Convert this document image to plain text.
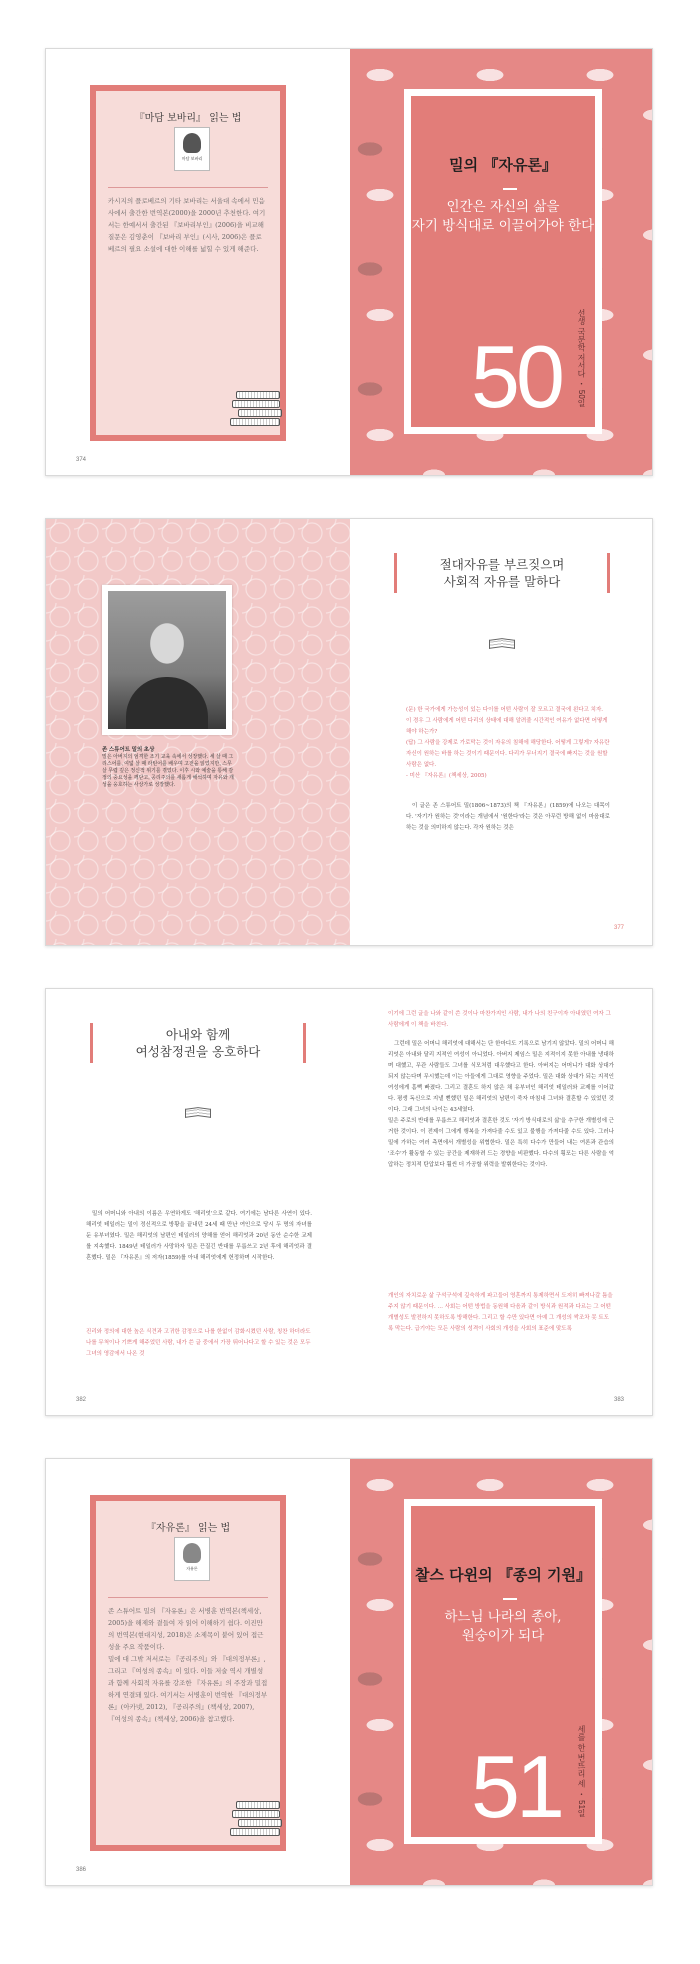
『마담 보바리』 읽는 법
마담 보바리
카시지의 플로베르의 기타 보바리는 서울대 속에서 민음사에서 출간한 번역본(2000)을 2000년 추천한다. 여기서는 한예서서 출간된 『보바리부인』(2006)을 비교해 질문은 김영춘이 『보바리 부인』(시사, 2006)은 플로베르의 필요 소설에 대한 이해를 넓힐 수 있게 해준다.
374
밀의 『자유론』
인간은 자신의 삶을
자기 방식대로 이끌어가야 한다
50 선생 국문학 저서다 ・ 50일
존 스튜어트 밀의 초상
밀은 아버지의 엄격한 조기 교육 속에서 성장했다. 세 살 때 그리스어를, 여덟 살 때 라틴어를 배우며 고전을 읽었지만, 스무 살 무렵 깊은 정신적 위기를 겪었다. 이후 시와 예술을 통해 감정의 중요성을 깨닫고, 공리주의를 새롭게 해석하며 자유와 개성을 옹호하는 사상가로 성장했다.
절대자유를 부르짖으며
사회적 자유를 말하다
(문) 한 국가에게 가능성이 있는 다이를 어떤 사람이 잘 모르고 결국에 왼다고 치자. 이 경우 그 사람에게 어떤 다리의 상태에 대해 알려줄 시간적인 여유가 없다면 어떻게 해야 하는가?
(답) 그 사람을 강제로 가로막는 것이 자유의 침해에 해당한다. 어떻게 그렇게? 자유란 자신이 원하는 바를 하는 것이기 때문이다. 다리가 무너지기 결국에 빠지는 것을 원할 사람은 없다.
- 미산 『자유론』(책세상, 2005)
이 글은 존 스튜어트 밀(1806~1873)의 책 『자유론』(1859)에 나오는 대목이다. '자기가 원하는 것'이라는 개념에서 '원한다'라는 것은 아무런 방해 없이 마음대로 하는 것을 의미하지 않는다. 각자 원하는 것은
377
아내와 함께
여성참정권을 옹호하다
밀의 어머니와 아내의 이름은 우연하게도 '해리엇'으로 같다. 여기에는 남다른 사연이 있다. 해리엇 테일러는 밀이 정신적으로 방황을 끝내던 24세 때 만난 여인으로 당시 두 명의 자녀를 둔 유부녀였다. 밀은 해리엇의 남편인 테일러의 양해를 얻어 해리엇과 20년 동안 순수한 교제를 지속했다. 1849년 테일러가 사망하자 밀은 끈질긴 반대를 무릅쓰고 2년 후에 해리엇과 결혼했다. 밀은 『자유론』의 저자(1859)를 아내 해리엇에게 헌정하며 시작한다.
진리와 정의에 대한 높은 식견과 고귀한 감정으로 나를 한없이 감화시켰던 사람, 칭찬 하더라도 나를 무척이나 기쁘게 해주었던 사람, 내가 쓴 글 중에서 가장 뛰어나다고 할 수 있는 것은 모두 그녀의 영감에서 나온 것
382
이기에 그런 글을 나와 같이 쓴 것이나 마찬가지인 사람, 내가 나의 친구이자 아내였던 여자 그 사람에게 이 책을 바친다.
그런데 밀은 어머니 해리엇에 대해서는 단 한마디도 기록으로 남기지 않았다. 밀의 어머니 해리엇은 아내와 달리 지적인 여성이 아니었다. 아버지 제임스 밀은 지적이지 못한 아내를 냉대하며 대했고, 무관 사람들도 그녀를 식모처럼 대우했다고 한다. 아버지는 어머니가 대화 상대가 되지 않는다며 무시했는데 이는 아들에게 그대로 영향을 주었다. 밀은 대화 상대가 되는 지적인 여성에게 흠뻑 빠졌다. 그리고 결혼도 하지 않은 채 유부녀인 해리엇 테일러와 교제를 이어갔다. 평생 독신으로 지낼 뻔했던 밀은 해리엇의 남편이 죽자 마침내 그녀와 결혼할 수 있었던 것이다. 그래 그녀의 나이는 43세였다.
밀은 주로의 반대를 무릅쓰고 해리엇과 결혼한 것도 '자기 방식대로의 삶'을 추구한 개별성에 근거한 것이다. 이 전제이 그에게 행복을 가져다줄 수도 있고 불행을 가져다줄 수도 있다. 그러나 밀에 가하는 여러 측면에서 개별성을 위협한다. 밀은 특히 다수가 만들어 내는 여론과 관습의 '조수'가 활동할 수 있는 공간을 제재하려 드는 경향을 비판했다. 다수의 횡포는 다른 사람을 억압하는 정치적 탄압보다 훨씬 더 가공할 위력을 발휘한다는 것이다.
개인의 자치로운 삶 구석구석에 깊숙하게 파고들어 영혼까지 통제하면서 도저히 빠져나갈 틈을 주지 않기 때문이다. … 사회는 어떤 방법을 동원해 다음과 같이 방식과 원적과 다르는 그 어떤 개별성도 발전하지 못하도록 방해한다. 그리고 할 수만 있다면 아예 그 개성의 싹조차 못 트도록 막는다. 급기야는 모든 사람의 성격이 사회의 개성을 사회의 표준에 맞도록
383
『자유론』 읽는 법
자유론
존 스튜어트 밀의 『자유론』은 서병훈 번역본(책세상, 2005)을 해제와 곁들여 자 읽어 이해하기 쉽다. 이진만의 번역본(현대지성, 2018)은 소제목이 붙어 있어 접근성을 주요 작품이다.
밀에 대 그밖 저서로는 『공리주의』와 『대의정부론』, 그리고 『여성의 종속』이 있다. 이들 저술 역시 개별성과 함께 사회적 자유를 강조한 『자유론』의 주장과 밀접하게 연결돼 있다. 여기서는 서병훈이 번역한 『대의정부론』(아카넷, 2012), 『공리주의』(책세상, 2007), 『여성의 종속』(책세상, 2006)을 참고했다.
386
찰스 다윈의 『종의 기원』
하느님 나라의 종아,
원숭이가 되다
51 세를 한 번뜨리 세 ・ 51일
